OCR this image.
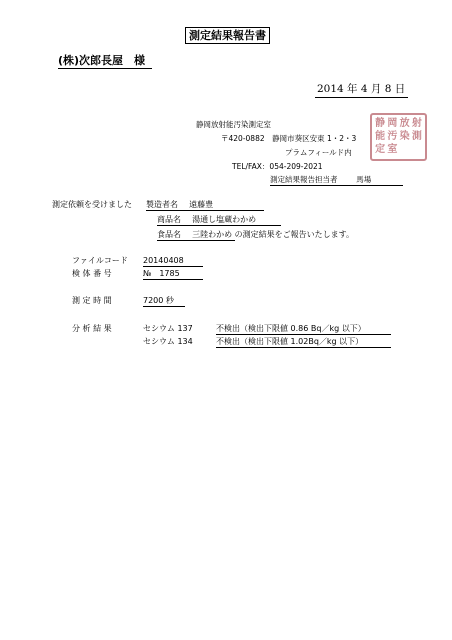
測定結果報告書
(株)次郎長屋　様
2014 年 4 月 8 日
静岡放射能汚染測定室
〒420-0882　静岡市葵区安東 1・2・3
プラムフィールド内
TEL/FAX：054-209-2021
測定結果報告担当者	馬場
静 岡 放 射
能 汚 染 測
定 室
測定依頼を受けました 製造者名 遠藤豊
商品名 湯通し塩蔵わかめ
食品名 三陸わかめ の測定結果をご報告いたします。
ファイルコード 20140408
検 体 番 号	№　1785
測 定 時 間	7200 秒
分 析 結 果	セシウム 137	不検出（検出下限値 0.86 Bq／kg 以下）
セシウム 134	不検出（検出下限値 1.02Bq／kg 以下）
